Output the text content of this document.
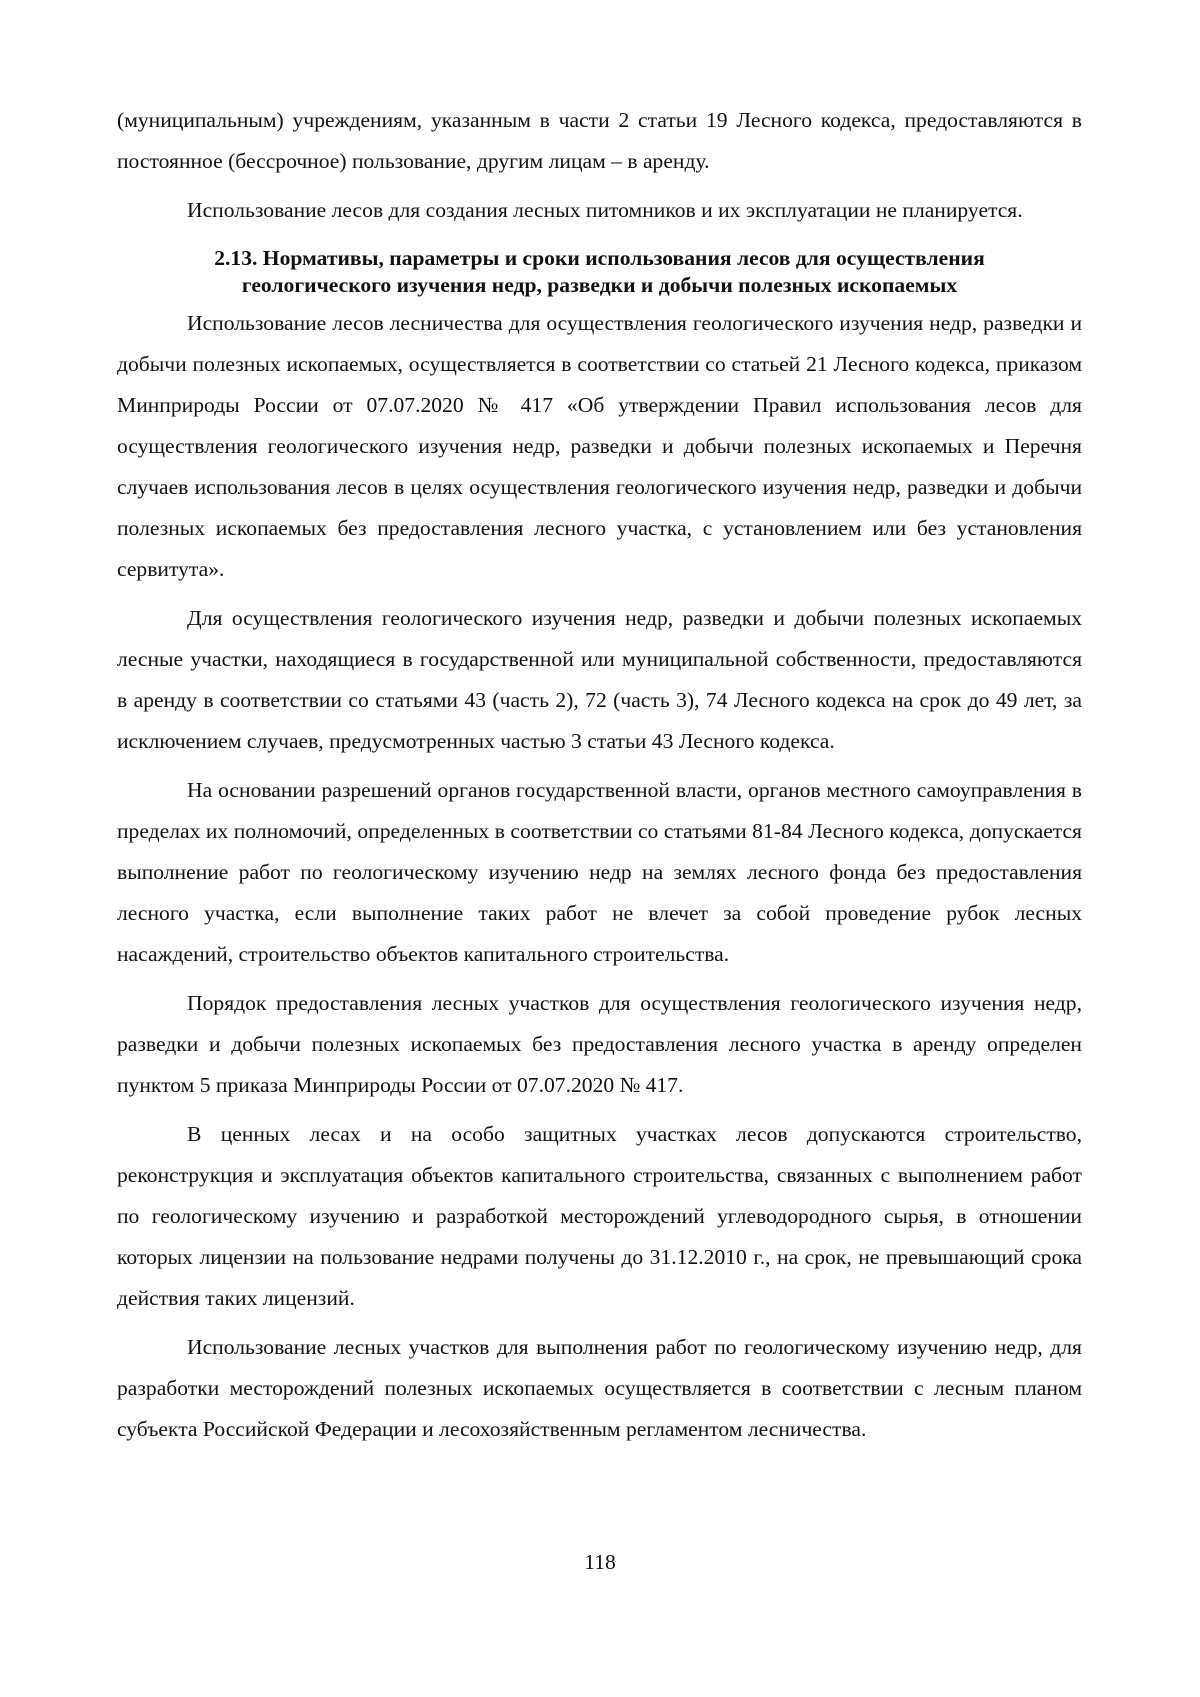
(муниципальным) учреждениям, указанным в части 2 статьи 19 Лесного кодекса, предоставляются в постоянное (бессрочное) пользование, другим лицам – в аренду.

Использование лесов для создания лесных питомников и их эксплуатации не планируется.

2.13. Нормативы, параметры и сроки использования лесов для осуществления
геологического изучения недр, разведки и добычи полезных ископаемых

Использование лесов лесничества для осуществления геологического изучения недр, разведки и добычи полезных ископаемых, осуществляется в соответствии со статьей 21 Лесного кодекса, приказом Минприроды России от 07.07.2020 № 417 «Об утверждении Правил использования лесов для осуществления геологического изучения недр, разведки и добычи полезных ископаемых и Перечня случаев использования лесов в целях осуществления геологического изучения недр, разведки и добычи полезных ископаемых без предоставления лесного участка, с установлением или без установления сервитута».

Для осуществления геологического изучения недр, разведки и добычи полезных ископаемых лесные участки, находящиеся в государственной или муниципальной собственности, предоставляются в аренду в соответствии со статьями 43 (часть 2), 72 (часть 3), 74 Лесного кодекса на срок до 49 лет, за исключением случаев, предусмотренных частью 3 статьи 43 Лесного кодекса.

На основании разрешений органов государственной власти, органов местного самоуправления в пределах их полномочий, определенных в соответствии со статьями 81-84 Лесного кодекса, допускается выполнение работ по геологическому изучению недр на землях лесного фонда без предоставления лесного участка, если выполнение таких работ не влечет за собой проведение рубок лесных насаждений, строительство объектов капитального строительства.

Порядок предоставления лесных участков для осуществления геологического изучения недр, разведки и добычи полезных ископаемых без предоставления лесного участка в аренду определен пунктом 5 приказа Минприроды России от 07.07.2020 № 417.

В ценных лесах и на особо защитных участках лесов допускаются строительство, реконструкция и эксплуатация объектов капитального строительства, связанных с выполнением работ по геологическому изучению и разработкой месторождений углеводородного сырья, в отношении которых лицензии на пользование недрами получены до 31.12.2010 г., на срок, не превышающий срока действия таких лицензий.

Использование лесных участков для выполнения работ по геологическому изучению недр, для разработки месторождений полезных ископаемых осуществляется в соответствии с лесным планом субъекта Российской Федерации и лесохозяйственным регламентом лесничества.

118
